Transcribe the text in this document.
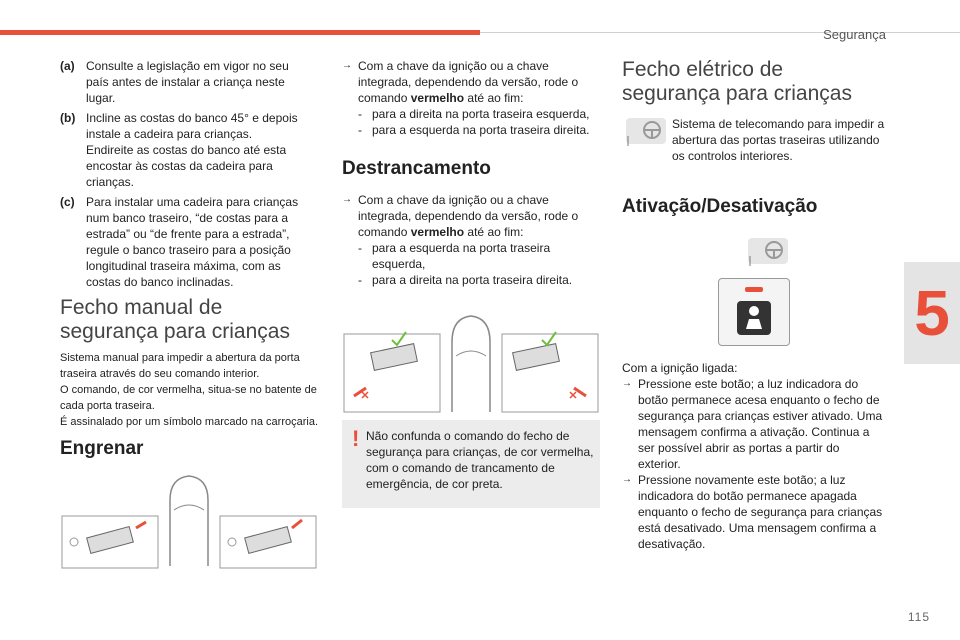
Segurança
5
115
(a) Consulte a legislação em vigor no seu país antes de instalar a criança neste lugar.
(b) Incline as costas do banco 45° e depois instale a cadeira para crianças. Endireite as costas do banco até esta encostar às costas da cadeira para crianças.
(c) Para instalar uma cadeira para crianças num banco traseiro, “de costas para a estrada” ou “de frente para a estrada”, regule o banco traseiro para a posição longitudinal traseira máxima, com as costas do banco inclinadas.
Fecho manual de segurança para crianças
Sistema manual para impedir a abertura da porta traseira através do seu comando interior.
O comando, de cor vermelha, situa-se no batente de cada porta traseira.
É assinalado por um símbolo marcado na carroçaria.
Engrenar
→ Com a chave da ignição ou a chave integrada, dependendo da versão, rode o comando vermelho até ao fim:
- para a direita na porta traseira esquerda,
- para a esquerda na porta traseira direita.
Destrancamento
→ Com a chave da ignição ou a chave integrada, dependendo da versão, rode o comando vermelho até ao fim:
- para a esquerda na porta traseira esquerda,
- para a direita na porta traseira direita.
! Não confunda o comando do fecho de segurança para crianças, de cor vermelha, com o comando de trancamento de emergência, de cor preta.
Fecho elétrico de segurança para crianças
Sistema de telecomando para impedir a abertura das portas traseiras utilizando os controlos interiores.
Ativação/Desativação
Com a ignição ligada:
→ Pressione este botão; a luz indicadora do botão permanece acesa enquanto o fecho de segurança para crianças estiver ativado. Uma mensagem confirma a ativação. Continua a ser possível abrir as portas a partir do exterior.
→ Pressione novamente este botão; a luz indicadora do botão permanece apagada enquanto o fecho de segurança para crianças está desativado. Uma mensagem confirma a desativação.
